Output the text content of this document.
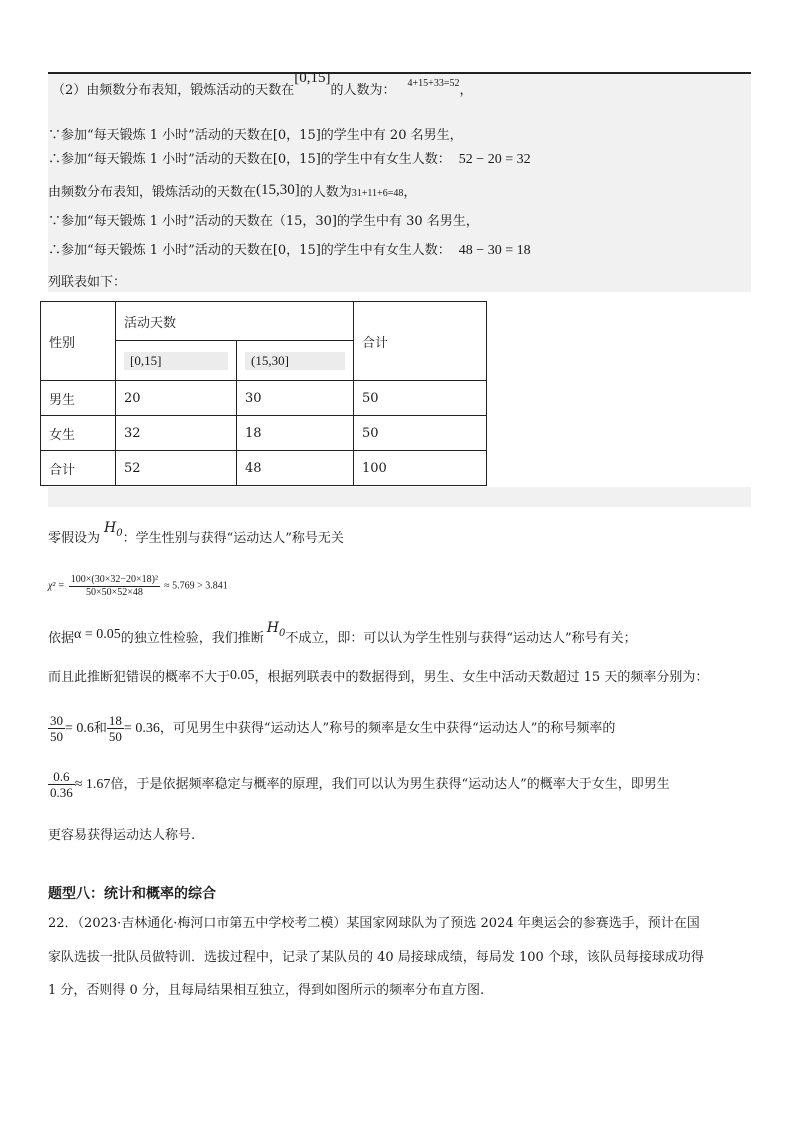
（2）由频数分布表知，锻炼活动的天数在[0,15]的人数为： $^{4+15+33=52}$，
∵参加“每天锻炼 1 小时”活动的天数在[0，15]的学生中有 20 名男生，
∴参加“每天锻炼 1 小时”活动的天数在[0，15]的学生中有女生人数： 52 − 20 = 32
由频数分布表知，锻炼活动的天数在(15,30]的人数为31+11+6=48，
∵参加“每天锻炼 1 小时”活动的天数在（15，30]的学生中有 30 名男生，
∴参加“每天锻炼 1 小时”活动的天数在[0，15]的学生中有女生人数： 48 − 30 = 18
列联表如下：
性别	活动天数		合计
	[0,15]	(15,30]	
男生	20	30	50
女生	32	18	50
合计	52	48	100
零假设为$H_0$：学生性别与获得“运动达人”称号无关
$\chi^2 = \frac{\text{100×(30×32−20×18)²}}{50\times 50\times 52\times 48} \approx 5.769 > 3.841$
依据α = 0.05的独立性检验，我们推断$H_0$不成立，即：可以认为学生性别与获得“运动达人”称号有关；
而且此推断犯错误的概率不大于0.05，根据列联表中的数据得到，男生、女生中活动天数超过 15 天的频率分别为：
$\frac{30}{50} = 0.6$和 $\frac{18}{50} = 0.36$，可见男生中获得“运动达人”称号的频率是女生中获得“运动达人”的称号频率的
$\frac{0.6}{0.36} \approx 1.67$倍，于是依据频率稳定与概率的原理，我们可以认为男生获得“运动达人”的概率大于女生，即男生
更容易获得运动达人称号.
题型八：统计和概率的综合
22．（2023·吉林通化·梅河口市第五中学校考二模）某国家网球队为了预选 2024 年奥运会的参赛选手，预计在国
家队选拔一批队员做特训．选拔过程中，记录了某队员的 40 局接球成绩，每局发 100 个球，该队员每接球成功得
1 分，否则得 0 分，且每局结果相互独立，得到如图所示的频率分布直方图.
